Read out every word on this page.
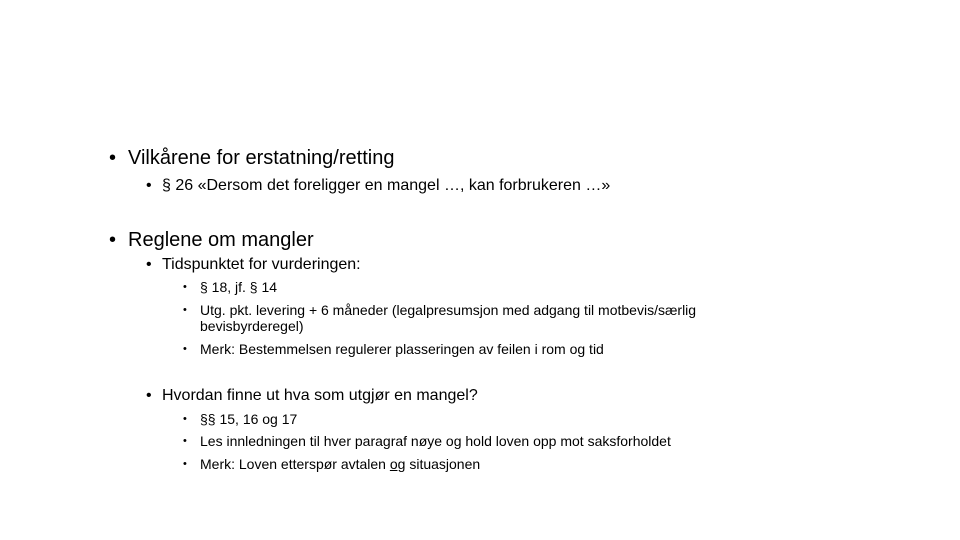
• Vilkårene for erstatning/retting
• § 26 «Dersom det foreligger en mangel …, kan forbrukeren …»
• Reglene om mangler
• Tidspunktet for vurderingen:
• § 18, jf. § 14
• Utg. pkt. levering + 6 måneder (legalpresumsjon med adgang til motbevis/særlig
bevisbyrderegel)
• Merk: Bestemmelsen regulerer plasseringen av feilen i rom og tid
• Hvordan finne ut hva som utgjør en mangel?
• §§ 15, 16 og 17
• Les innledningen til hver paragraf nøye og hold loven opp mot saksforholdet
• Merk: Loven etterspør avtalen og situasjonen
